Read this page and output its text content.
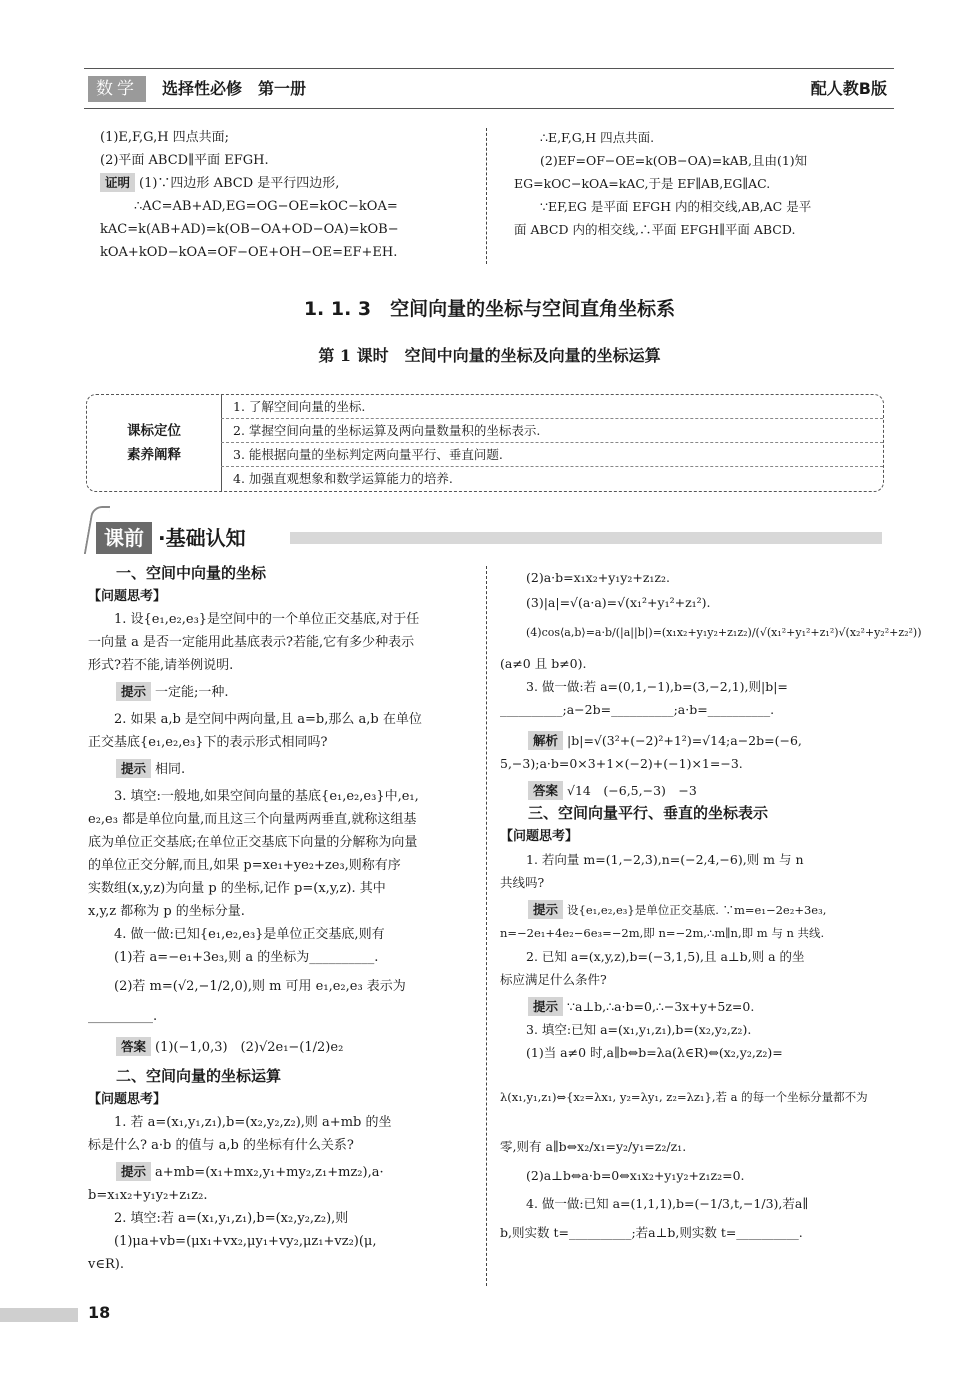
数学	选择性必修　第一册	配人教B版

(1)E,F,G,H 四点共面;

(2)平面 ABCD∥平面 EFGH.

证明 (1)∵四边形 ABCD 是平行四边形,

∴AC=AB+AD,EG=OG−OE=kOC−kOA=

kAC=k(AB+AD)=k(OB−OA+OD−OA)=kOB−

kOA+kOD−kOA=OF−OE+OH−OE=EF+EH.

∴E,F,G,H 四点共面.

(2)EF=OF−OE=k(OB−OA)=kAB,且由(1)知

EG=kOC−kOA=kAC,于是 EF∥AB,EG∥AC.

∵EF,EG 是平面 EFGH 内的相交线,AB,AC 是平

面 ABCD 内的相交线,∴平面 EFGH∥平面 ABCD.

1. 1. 3　空间向量的坐标与空间直角坐标系
第 1 课时　空间中向量的坐标及向量的坐标运算
课标定位
素养阐释
1. 了解空间向量的坐标.
2. 掌握空间向量的坐标运算及两向量数量积的坐标表示.
3. 能根据向量的坐标判定两向量平行、垂直问题.
4. 加强直观想象和数学运算能力的培养.
课前 ·基础认知

一、空间中向量的坐标

【问题思考】

1. 设{e₁,e₂,e₃}是空间中的一个单位正交基底,对于任

一向量 a 是否一定能用此基底表示?若能,它有多少种表示

形式?若不能,请举例说明.

提示 一定能;一种.

2. 如果 a,b 是空间中两向量,且 a=b,那么 a,b 在单位

正交基底{e₁,e₂,e₃}下的表示形式相同吗?

提示 相同.

3. 填空:一般地,如果空间向量的基底{e₁,e₂,e₃}中,e₁,

e₂,e₃ 都是单位向量,而且这三个向量两两垂直,就称这组基

底为单位正交基底;在单位正交基底下向量的分解称为向量

的单位正交分解,而且,如果 p=xe₁+ye₂+ze₃,则称有序

实数组(x,y,z)为向量 p 的坐标,记作 p=(x,y,z). 其中

x,y,z 都称为 p 的坐标分量.

4. 做一做:已知{e₁,e₂,e₃}是单位正交基底,则有

(1)若 a=−e₁+3e₃,则 a 的坐标为__________.

(2)若 m=(√2,−1/2,0),则 m 可用 e₁,e₂,e₃ 表示为

__________.

答案 (1)(−1,0,3)　(2)√2e₁−(1/2)e₂

二、空间向量的坐标运算

【问题思考】

1. 若 a=(x₁,y₁,z₁),b=(x₂,y₂,z₂),则 a+mb 的坐

标是什么? a·b 的值与 a,b 的坐标有什么关系?

提示 a+mb=(x₁+mx₂,y₁+my₂,z₁+mz₂),a·

b=x₁x₂+y₁y₂+z₁z₂.

2. 填空:若 a=(x₁,y₁,z₁),b=(x₂,y₂,z₂),则

(1)μa+vb=(μx₁+vx₂,μy₁+vy₂,μz₁+vz₂)(μ,

v∈R).

(2)a·b=x₁x₂+y₁y₂+z₁z₂.

(3)|a|=√(a·a)=√(x₁²+y₁²+z₁²).

(4)cos⟨a,b⟩=a·b/(|a||b|)=(x₁x₂+y₁y₂+z₁z₂)/(√(x₁²+y₁²+z₁²)√(x₂²+y₂²+z₂²))

(a≠0 且 b≠0).

3. 做一做:若 a=(0,1,−1),b=(3,−2,1),则|b|=

__________;a−2b=__________;a·b=__________.

解析 |b|=√(3²+(−2)²+1²)=√14;a−2b=(−6,

5,−3);a·b=0×3+1×(−2)+(−1)×1=−3.

答案 √14　(−6,5,−3)　−3

三、空间向量平行、垂直的坐标表示

【问题思考】

1. 若向量 m=(1,−2,3),n=(−2,4,−6),则 m 与 n

共线吗?

提示 设{e₁,e₂,e₃}是单位正交基底. ∵m=e₁−2e₂+3e₃,

n=−2e₁+4e₂−6e₃=−2m,即 n=−2m,∴m∥n,即 m 与 n 共线.

2. 已知 a=(x,y,z),b=(−3,1,5),且 a⊥b,则 a 的坐

标应满足什么条件?

提示 ∵a⊥b,∴a·b=0,∴−3x+y+5z=0.

3. 填空:已知 a=(x₁,y₁,z₁),b=(x₂,y₂,z₂).

(1)当 a≠0 时,a∥b⇔b=λa(λ∈R)⇔(x₂,y₂,z₂)=

λ(x₁,y₁,z₁)⇔{x₂=λx₁, y₂=λy₁, z₂=λz₁},若 a 的每一个坐标分量都不为

零,则有 a∥b⇔x₂/x₁=y₂/y₁=z₂/z₁.

(2)a⊥b⇔a·b=0⇔x₁x₂+y₁y₂+z₁z₂=0.

4. 做一做:已知 a=(1,1,1),b=(−1/3,t,−1/3),若a∥

b,则实数 t=__________;若a⊥b,则实数 t=__________.

18
